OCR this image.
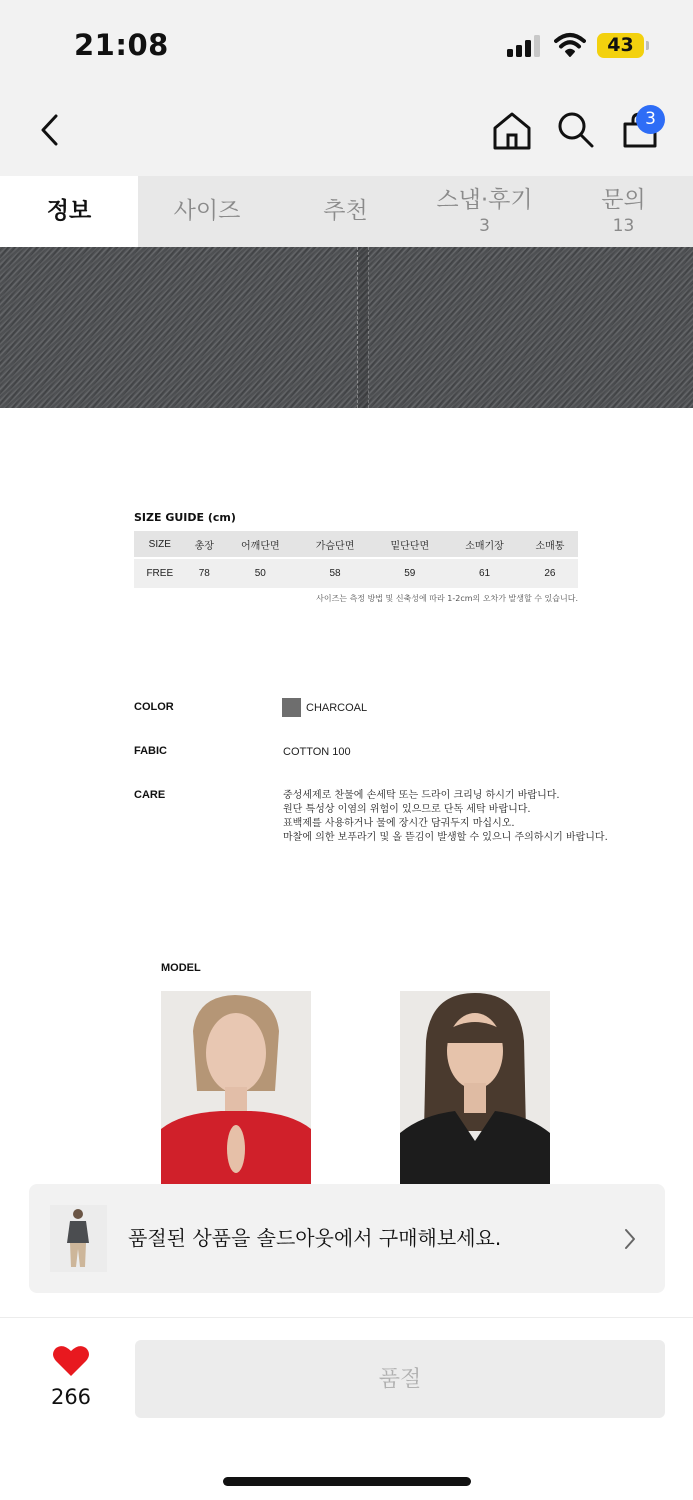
21:08	43
3
정보	사이즈	추천	스냅·후기
3
문의
13
SIZE GUIDE (cm)
SIZE	총장	어깨단면	가슴단면	밑단단면	소매기장	소매통
FREE	78	50	58	59	61	26
사이즈는 측정 방법 및 신축성에 따라 1-2cm의 오차가 발생할 수 있습니다.
COLOR	CHARCOAL
FABIC	COTTON 100
CARE	중성세제로 찬물에 손세탁 또는 드라이 크리닝 하시기 바랍니다.
원단 특성상 이염의 위험이 있으므로 단독 세탁 바랍니다.
표백제를 사용하거나 물에 장시간 담궈두지 마십시오.
마찰에 의한 보푸라기 및 올 뜯김이 발생할 수 있으니 주의하시기 바랍니다.
MODEL
품절된 상품을 솔드아웃에서 구매해보세요.
266
품절
